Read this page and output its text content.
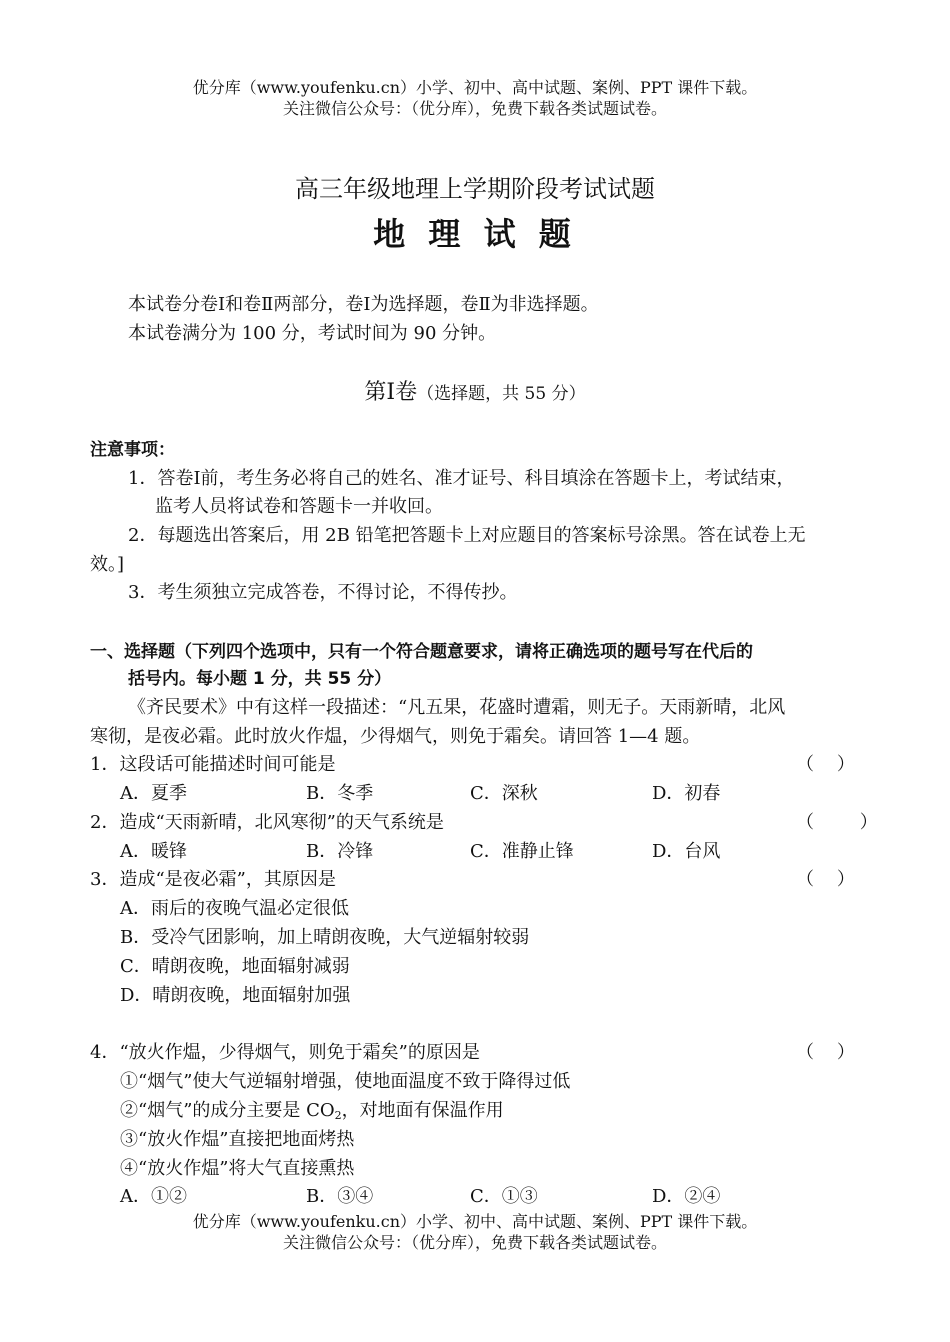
优分库（www.youfenku.cn）小学、初中、高中试题、案例、PPT 课件下载。
关注微信公众号：（优分库），免费下载各类试题试卷。
高三年级地理上学期阶段考试试题
地 理 试 题
本试卷分卷Ⅰ和卷Ⅱ两部分，卷Ⅰ为选择题，卷Ⅱ为非选择题。
本试卷满分为 100 分，考试时间为 90 分钟。
第Ⅰ卷（选择题，共 55 分）
注意事项：
1．答卷Ⅰ前，考生务必将自己的姓名、准才证号、科目填涂在答题卡上，考试结束，
监考人员将试卷和答题卡一并收回。
2．每题选出答案后，用 2B 铅笔把答题卡上对应题目的答案标号涂黑。答在试卷上无
效。]
3．考生须独立完成答卷，不得讨论，不得传抄。
一、选择题（下列四个选项中，只有一个符合题意要求，请将正确选项的题号写在代后的
括号内。每小题 1 分，共 55 分）
《齐民要术》中有这样一段描述：“凡五果，花盛时遭霜，则无子。天雨新晴，北风
寒彻，是夜必霜。此时放火作煴，少得烟气，则免于霜矣。请回答 1—4 题。
1．这段话可能描述时间可能是	（    ）
A．夏季	B．冬季	C．深秋	D．初春
2．造成“天雨新晴，北风寒彻”的天气系统是	（        ）
A．暖锋	B．冷锋	C．准静止锋	D．台风
3．造成“是夜必霜”，其原因是	（    ）
A．雨后的夜晚气温必定很低
B．受冷气团影响，加上晴朗夜晚，大气逆辐射较弱
C．晴朗夜晚，地面辐射减弱
D．晴朗夜晚，地面辐射加强
4．“放火作煴，少得烟气，则免于霜矣”的原因是	（    ）
①“烟气”使大气逆辐射增强，使地面温度不致于降得过低
②“烟气”的成分主要是 $CO_2$，对地面有保温作用
③“放火作煴”直接把地面烤热
④“放火作煴”将大气直接熏热
A．①②	B．③④	C．①③	D．②④
优分库（www.youfenku.cn）小学、初中、高中试题、案例、PPT 课件下载。
关注微信公众号：（优分库），免费下载各类试题试卷。
